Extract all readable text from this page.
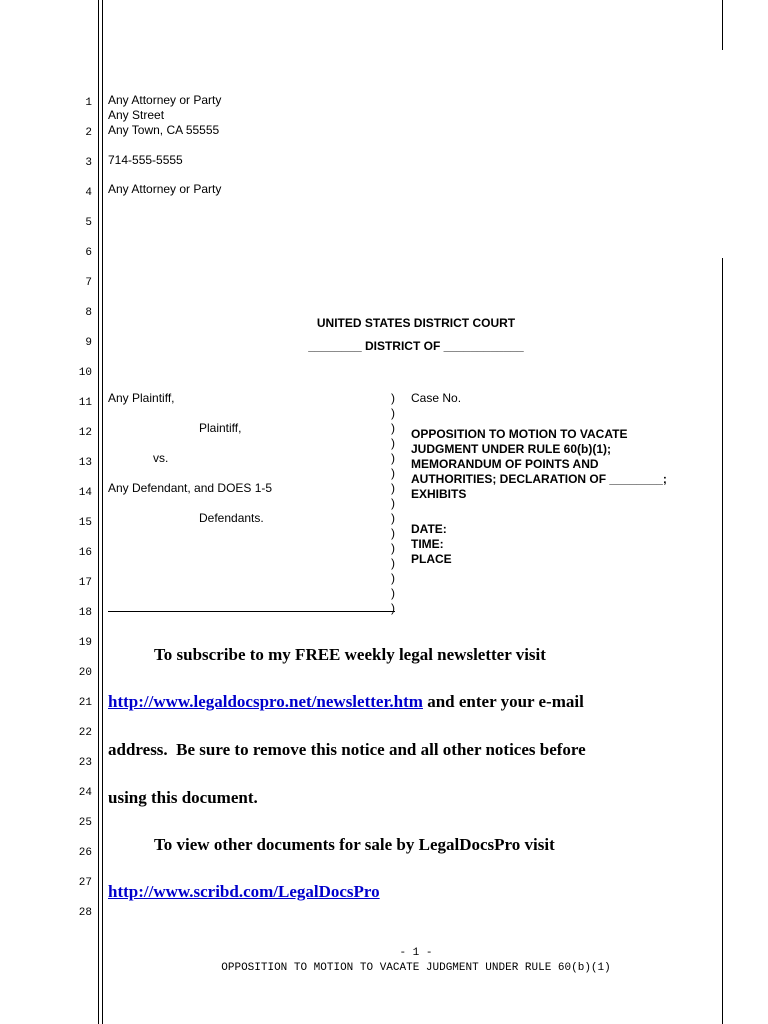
1
2
3
4
5
6
7
8
9
10
11
12
13
14
15
16
17
18
19
20
21
22
23
24
25
26
27
28
Any Attorney or Party
Any Street
Any Town, CA 55555
714-555-5555
Any Attorney or Party
UNITED STATES DISTRICT COURT
________ DISTRICT OF ____________
Any Plaintiff,
Plaintiff,
vs.
Any Defendant, and DOES 1-5
Defendants.
)
)
)
)
)
)
)
)
)
)
)
)
)
)
)
Case No.
OPPOSITION TO MOTION TO VACATE
JUDGMENT UNDER RULE 60(b)(1);
MEMORANDUM OF POINTS AND
AUTHORITIES; DECLARATION OF ________;
EXHIBITS
DATE:
TIME:
PLACE
To subscribe to my FREE weekly legal newsletter visit
http://www.legaldocspro.net/newsletter.htm and enter your e-mail
address.  Be sure to remove this notice and all other notices before
using this document.
To view other documents for sale by LegalDocsPro visit
http://www.scribd.com/LegalDocsPro
- 1 -
OPPOSITION TO MOTION TO VACATE JUDGMENT UNDER RULE 60(b)(1)
